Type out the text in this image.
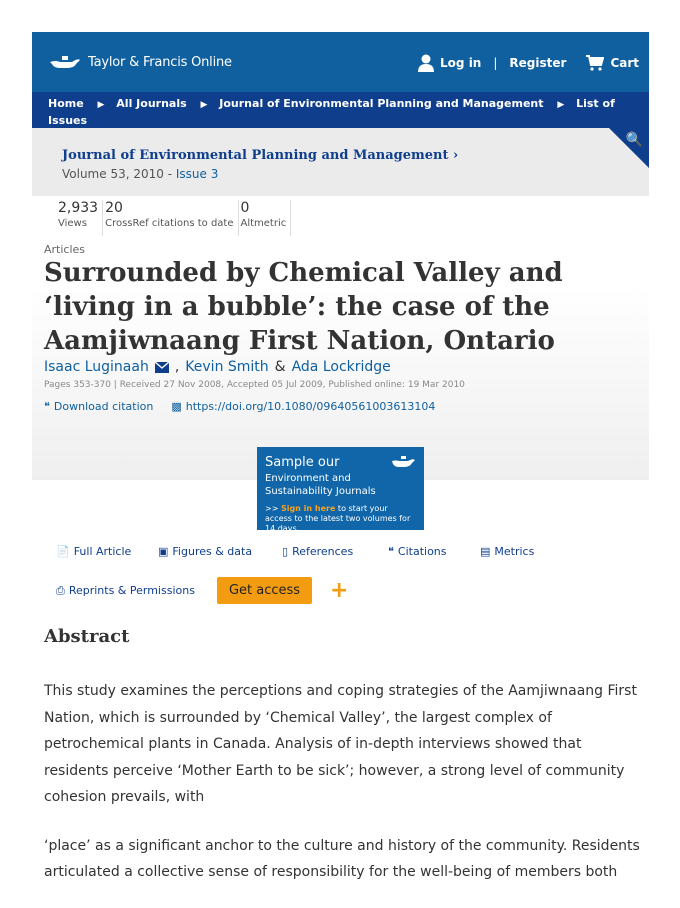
Taylor & Francis Online	Log in | Register	Cart
Home ▶ All Journals ▶ Journal of Environmental Planning and Management ▶ List of Issues
Journal of Environmental Planning and Management ›
Volume 53, 2010 - Issue 3
🔍
2,933
Views
20
CrossRef citations to date
0
Altmetric
Articles
Surrounded by Chemical Valley and ‘living in a bubble’: the case of the Aamjiwnaang First Nation, Ontario
Isaac Luginaah , Kevin Smith & Ada Lockridge
Pages 353-370 | Received 27 Nov 2008, Accepted 05 Jul 2009, Published online: 19 Mar 2010
❝ Download citation ▩ https://doi.org/10.1080/09640561003613104
Sample our
Environment and Sustainability Journals
>> Sign in here to start your access to the latest two volumes for 14 days
📄 Full Article ▣ Figures & data	▯ References	❝ Citations	▤ Metrics
⎙ Reprints & Permissions	Get access	+
Abstract

This study examines the perceptions and coping strategies of the Aamjiwnaang First Nation, which is surrounded by ‘Chemical Valley’, the largest complex of petrochemical plants in Canada. Analysis of in-depth interviews showed that residents perceive ‘Mother Earth to be sick’; however, a strong level of community cohesion prevails, with

‘place’ as a significant anchor to the culture and history of the community. Residents articulated a collective sense of responsibility for the well-being of members both
